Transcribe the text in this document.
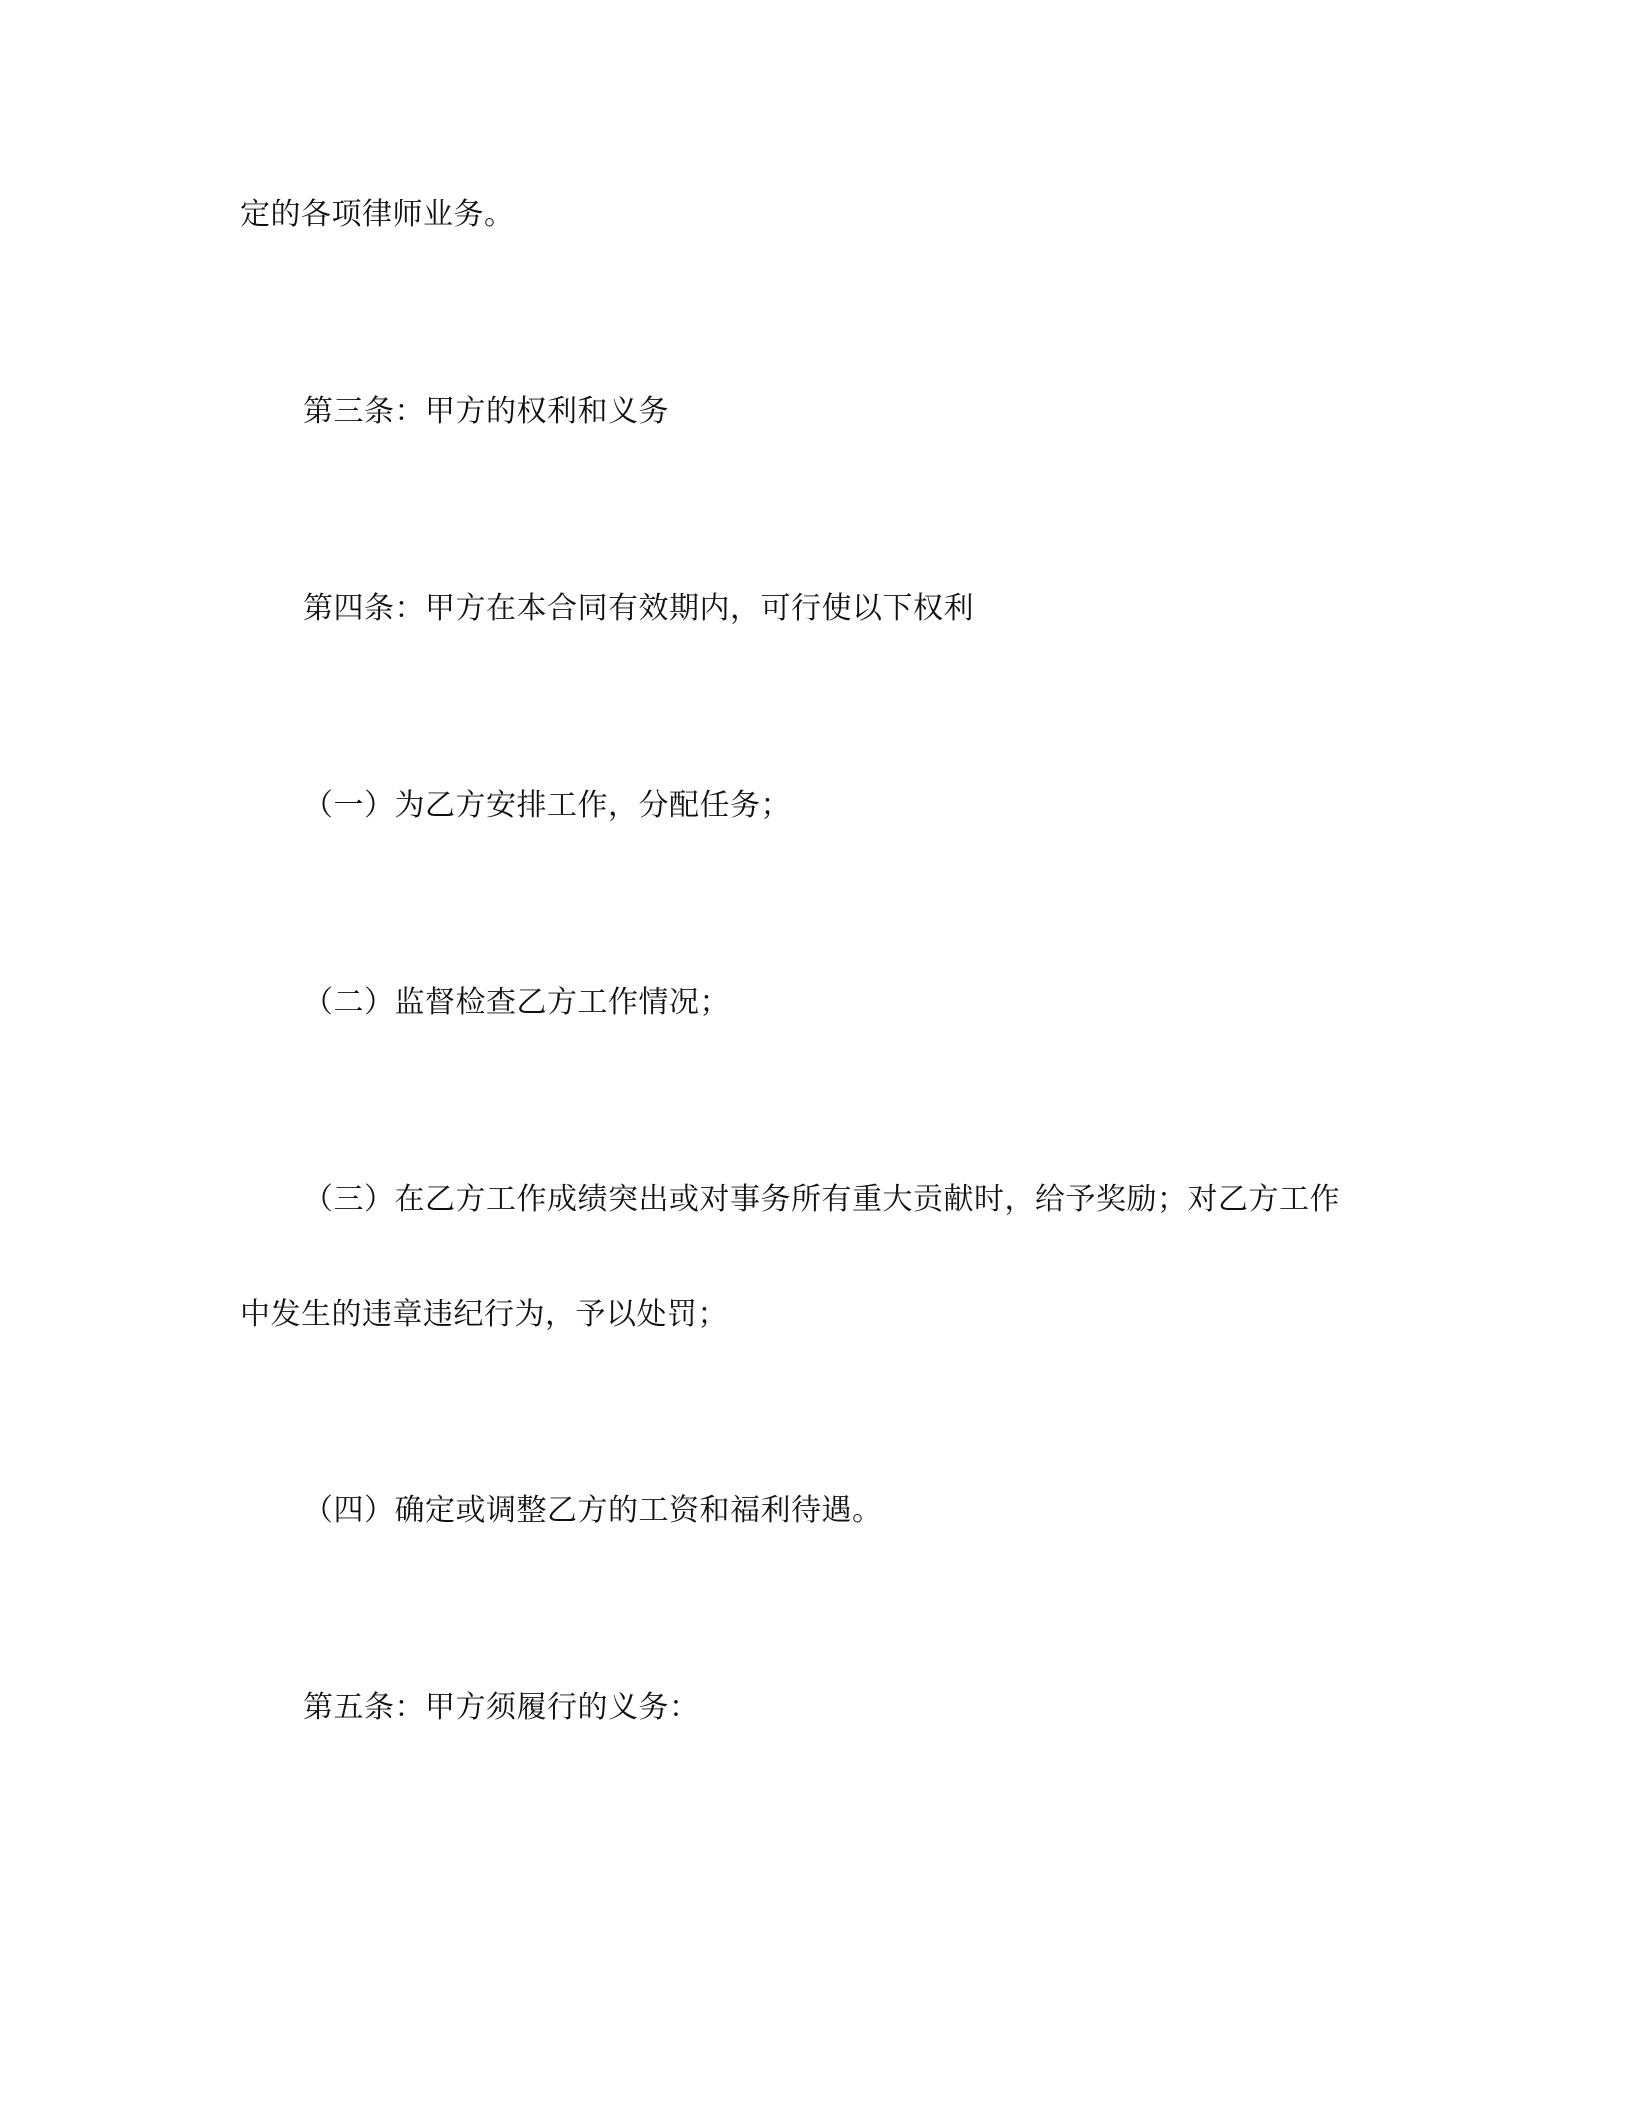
定的各项律师业务。
第三条：甲方的权利和义务
第四条：甲方在本合同有效期内，可行使以下权利
（一）为乙方安排工作，分配任务；
（二）监督检查乙方工作情况；
（三）在乙方工作成绩突出或对事务所有重大贡献时，给予奖励；对乙方工作
中发生的违章违纪行为，予以处罚；
（四）确定或调整乙方的工资和福利待遇。
第五条：甲方须履行的义务：
